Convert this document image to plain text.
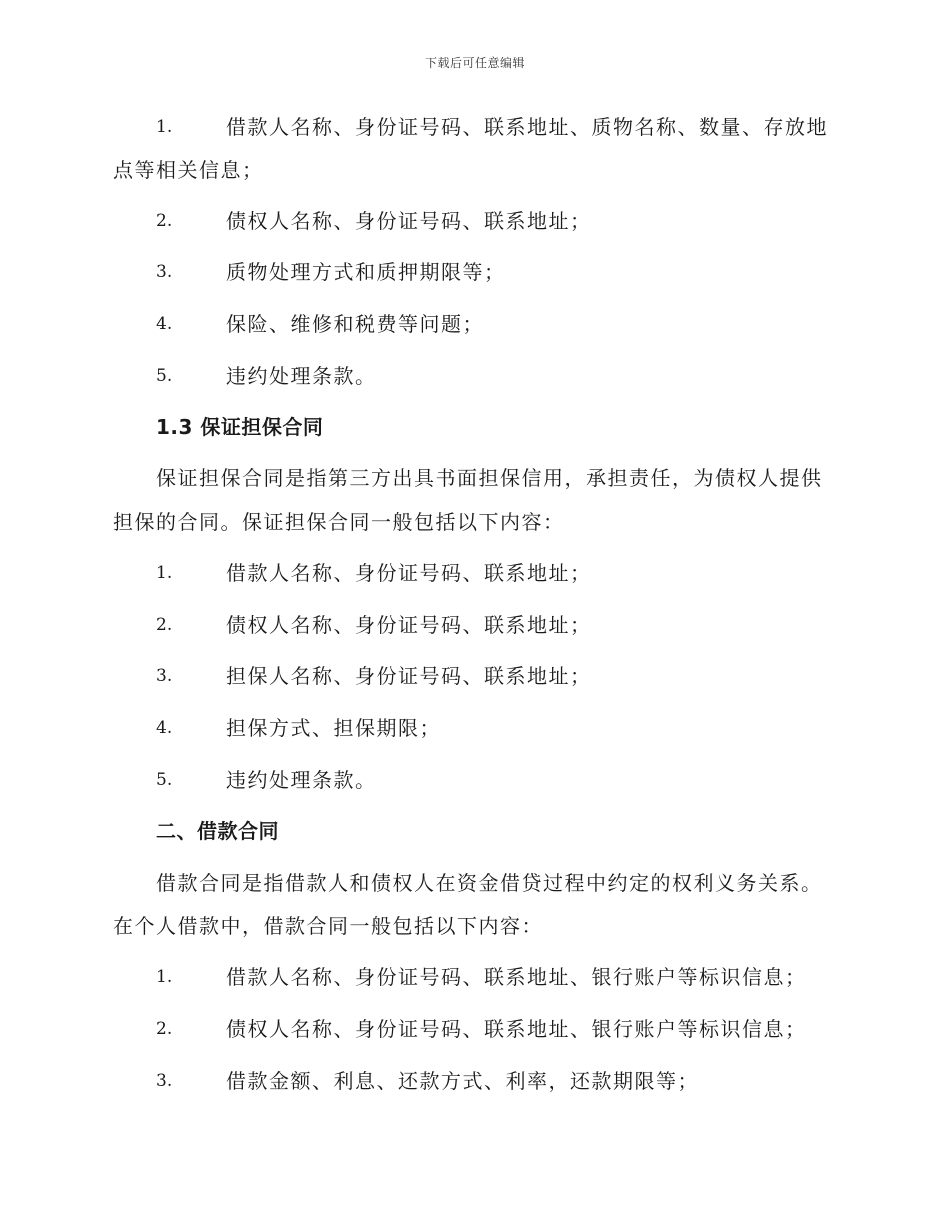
下载后可任意编辑
1.	借款人名称、身份证号码、联系地址、质物名称、数量、存放地
点等相关信息；
2.	债权人名称、身份证号码、联系地址；
3.	质物处理方式和质押期限等；
4.	保险、维修和税费等问题；
5.	违约处理条款。
1.3 保证担保合同
保证担保合同是指第三方出具书面担保信用，承担责任，为债权人提供
担保的合同。保证担保合同一般包括以下内容：
1.	借款人名称、身份证号码、联系地址；
2.	债权人名称、身份证号码、联系地址；
3.	担保人名称、身份证号码、联系地址；
4.	担保方式、担保期限；
5.	违约处理条款。
二、借款合同
借款合同是指借款人和债权人在资金借贷过程中约定的权利义务关系。
在个人借款中，借款合同一般包括以下内容：
1.	借款人名称、身份证号码、联系地址、银行账户等标识信息；
2.	债权人名称、身份证号码、联系地址、银行账户等标识信息；
3.	借款金额、利息、还款方式、利率，还款期限等；
